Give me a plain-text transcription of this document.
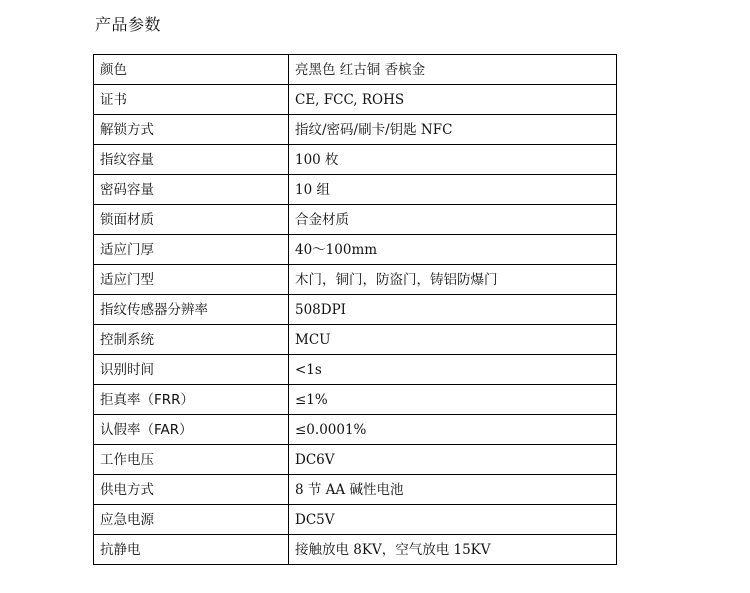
产品参数
颜色	亮黑色 红古铜 香槟金
证书	CE, FCC, ROHS
解锁方式	指纹/密码/刷卡/钥匙 NFC
指纹容量	100 枚
密码容量	10 组
锁面材质	合金材质
适应门厚	40～100mm
适应门型	木门，铜门，防盗门，铸铝防爆门
指纹传感器分辨率	508DPI
控制系统	MCU
识别时间	<1s
拒真率（FRR）	≤1%
认假率（FAR）	≤0.0001%
工作电压	DC6V
供电方式	8 节 AA 碱性电池
应急电源	DC5V
抗静电	接触放电 8KV，空气放电 15KV
